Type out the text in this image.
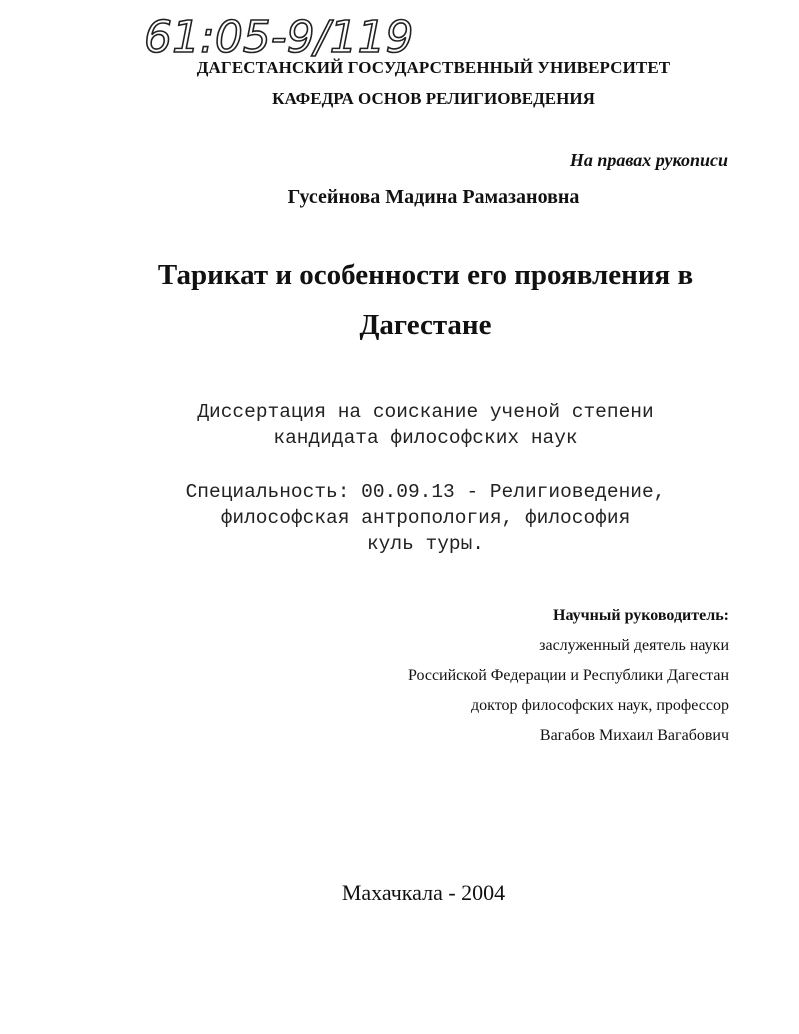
61:05-9/119
ДАГЕСТАНСКИЙ ГОСУДАРСТВЕННЫЙ УНИВЕРСИТЕТ
КАФЕДРА ОСНОВ РЕЛИГИОВЕДЕНИЯ
На правах рукописи
Гусейнова Мадина Рамазановна
Тарикат и особенности его проявления в
Дагестане
Диссертация на соискание ученой степени
кандидата философских наук
Специальность: 00.09.13 - Религиоведение,
философская антропология, философия
куль туры.
Научный руководитель:
заслуженный деятель науки
Российской Федерации и Республики Дагестан
доктор философских наук, профессор
Вагабов Михаил Вагабович
Махачкала - 2004
